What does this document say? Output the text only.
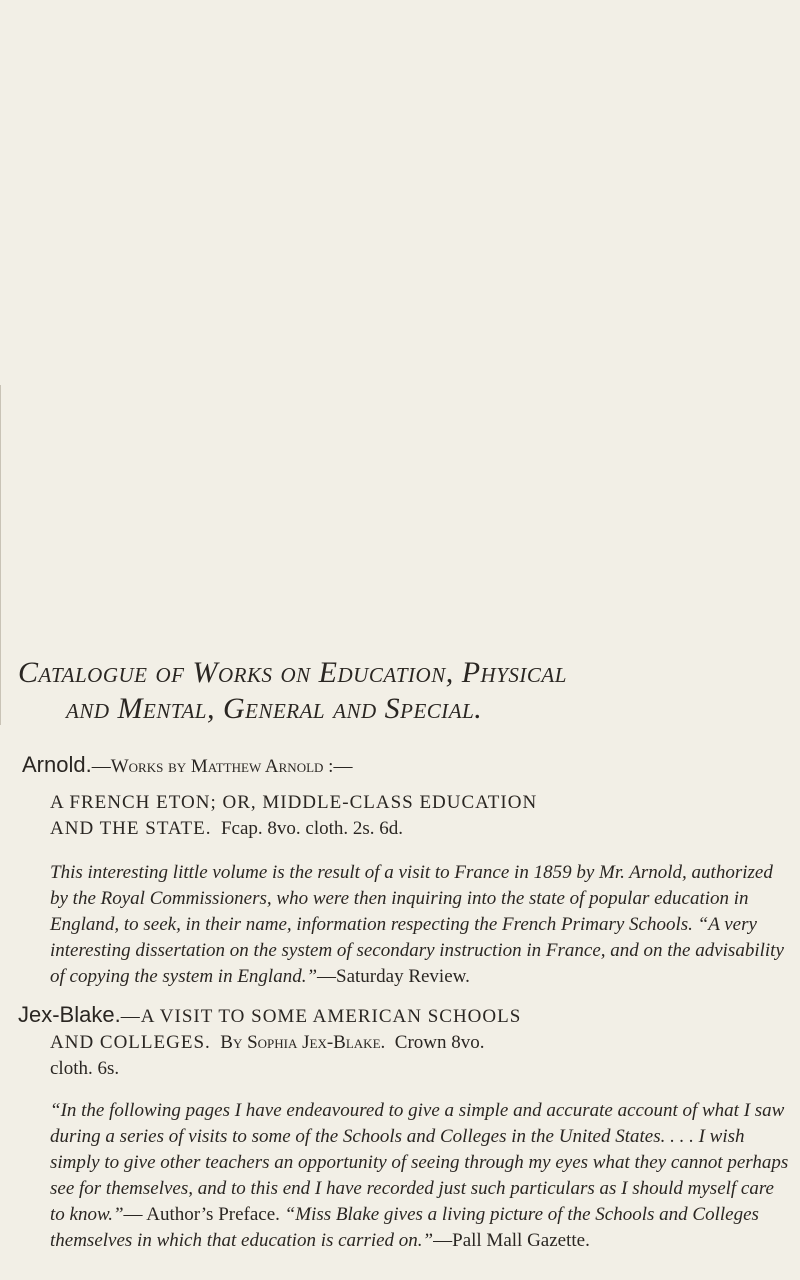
Catalogue of Works on Education, Physical
and Mental, General and Special.
Arnold.—Works by Matthew Arnold :—
A FRENCH ETON; OR, MIDDLE-CLASS EDUCATION
AND THE STATE. Fcap. 8vo. cloth. 2s. 6d.
This interesting little volume is the result of a visit to France in 1859 by Mr. Arnold, authorized by the Royal Commissioners, who were then inquiring into the state of popular education in England, to seek, in their name, information respecting the French Primary Schools. “A very interesting dissertation on the system of secondary instruction in France, and on the advisability of copying the system in England.”—Saturday Review.
Jex-Blake.—A VISIT TO SOME AMERICAN SCHOOLS
AND COLLEGES. By Sophia Jex-Blake. Crown 8vo.
cloth. 6s.
“In the following pages I have endeavoured to give a simple and accurate account of what I saw during a series of visits to some of the Schools and Colleges in the United States. . . . I wish simply to give other teachers an opportunity of seeing through my eyes what they cannot perhaps see for themselves, and to this end I have recorded just such particulars as I should myself care to know.”— Author’s Preface. “Miss Blake gives a living picture of the Schools and Colleges themselves in which that education is carried on.”—Pall Mall Gazette.
